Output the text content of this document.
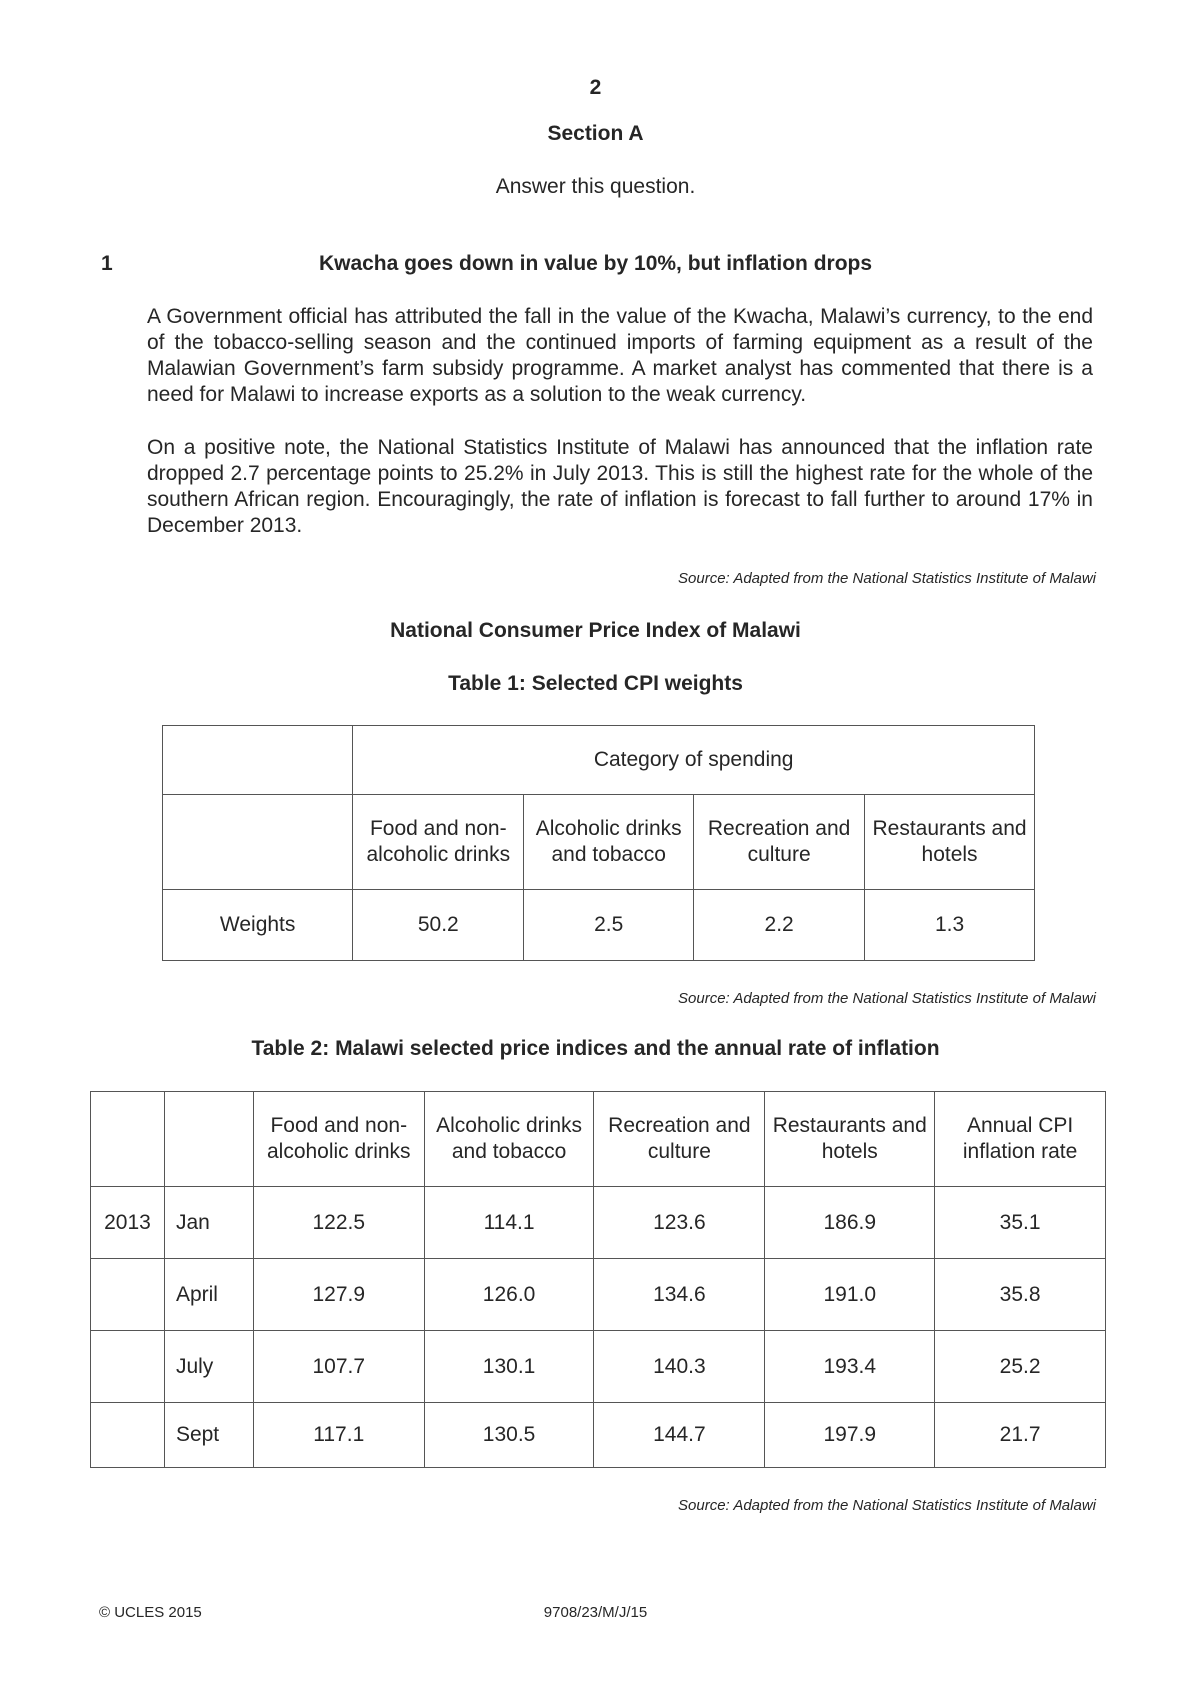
2
Section A
Answer this question.
1	Kwacha goes down in value by 10%, but inflation drops
A Government official has attributed the fall in the value of the Kwacha, Malawi’s currency, to the end of the tobacco-selling season and the continued imports of farming equipment as a result of the Malawian Government’s farm subsidy programme. A market analyst has commented that there is a need for Malawi to increase exports as a solution to the weak currency.
On a positive note, the National Statistics Institute of Malawi has announced that the inflation rate dropped 2.7 percentage points to 25.2% in July 2013. This is still the highest rate for the whole of the southern African region. Encouragingly, the rate of inflation is forecast to fall further to around 17% in December 2013.
Source: Adapted from the National Statistics Institute of Malawi
National Consumer Price Index of Malawi
Table 1: Selected CPI weights
	Category of spending			
	Food and non-alcoholic drinks	Alcoholic drinks and tobacco	Recreation and culture	Restaurants and hotels
Weights	50.2	2.5	2.2	1.3
Source: Adapted from the National Statistics Institute of Malawi
Table 2: Malawi selected price indices and the annual rate of inflation
		Food and non-alcoholic drinks	Alcoholic drinks and tobacco	Recreation and culture	Restaurants and hotels	Annual CPI inflation rate
2013	Jan	122.5	114.1	123.6	186.9	35.1
	April	127.9	126.0	134.6	191.0	35.8
	July	107.7	130.1	140.3	193.4	25.2
	Sept	117.1	130.5	144.7	197.9	21.7
Source: Adapted from the National Statistics Institute of Malawi
© UCLES 2015	9708/23/M/J/15
